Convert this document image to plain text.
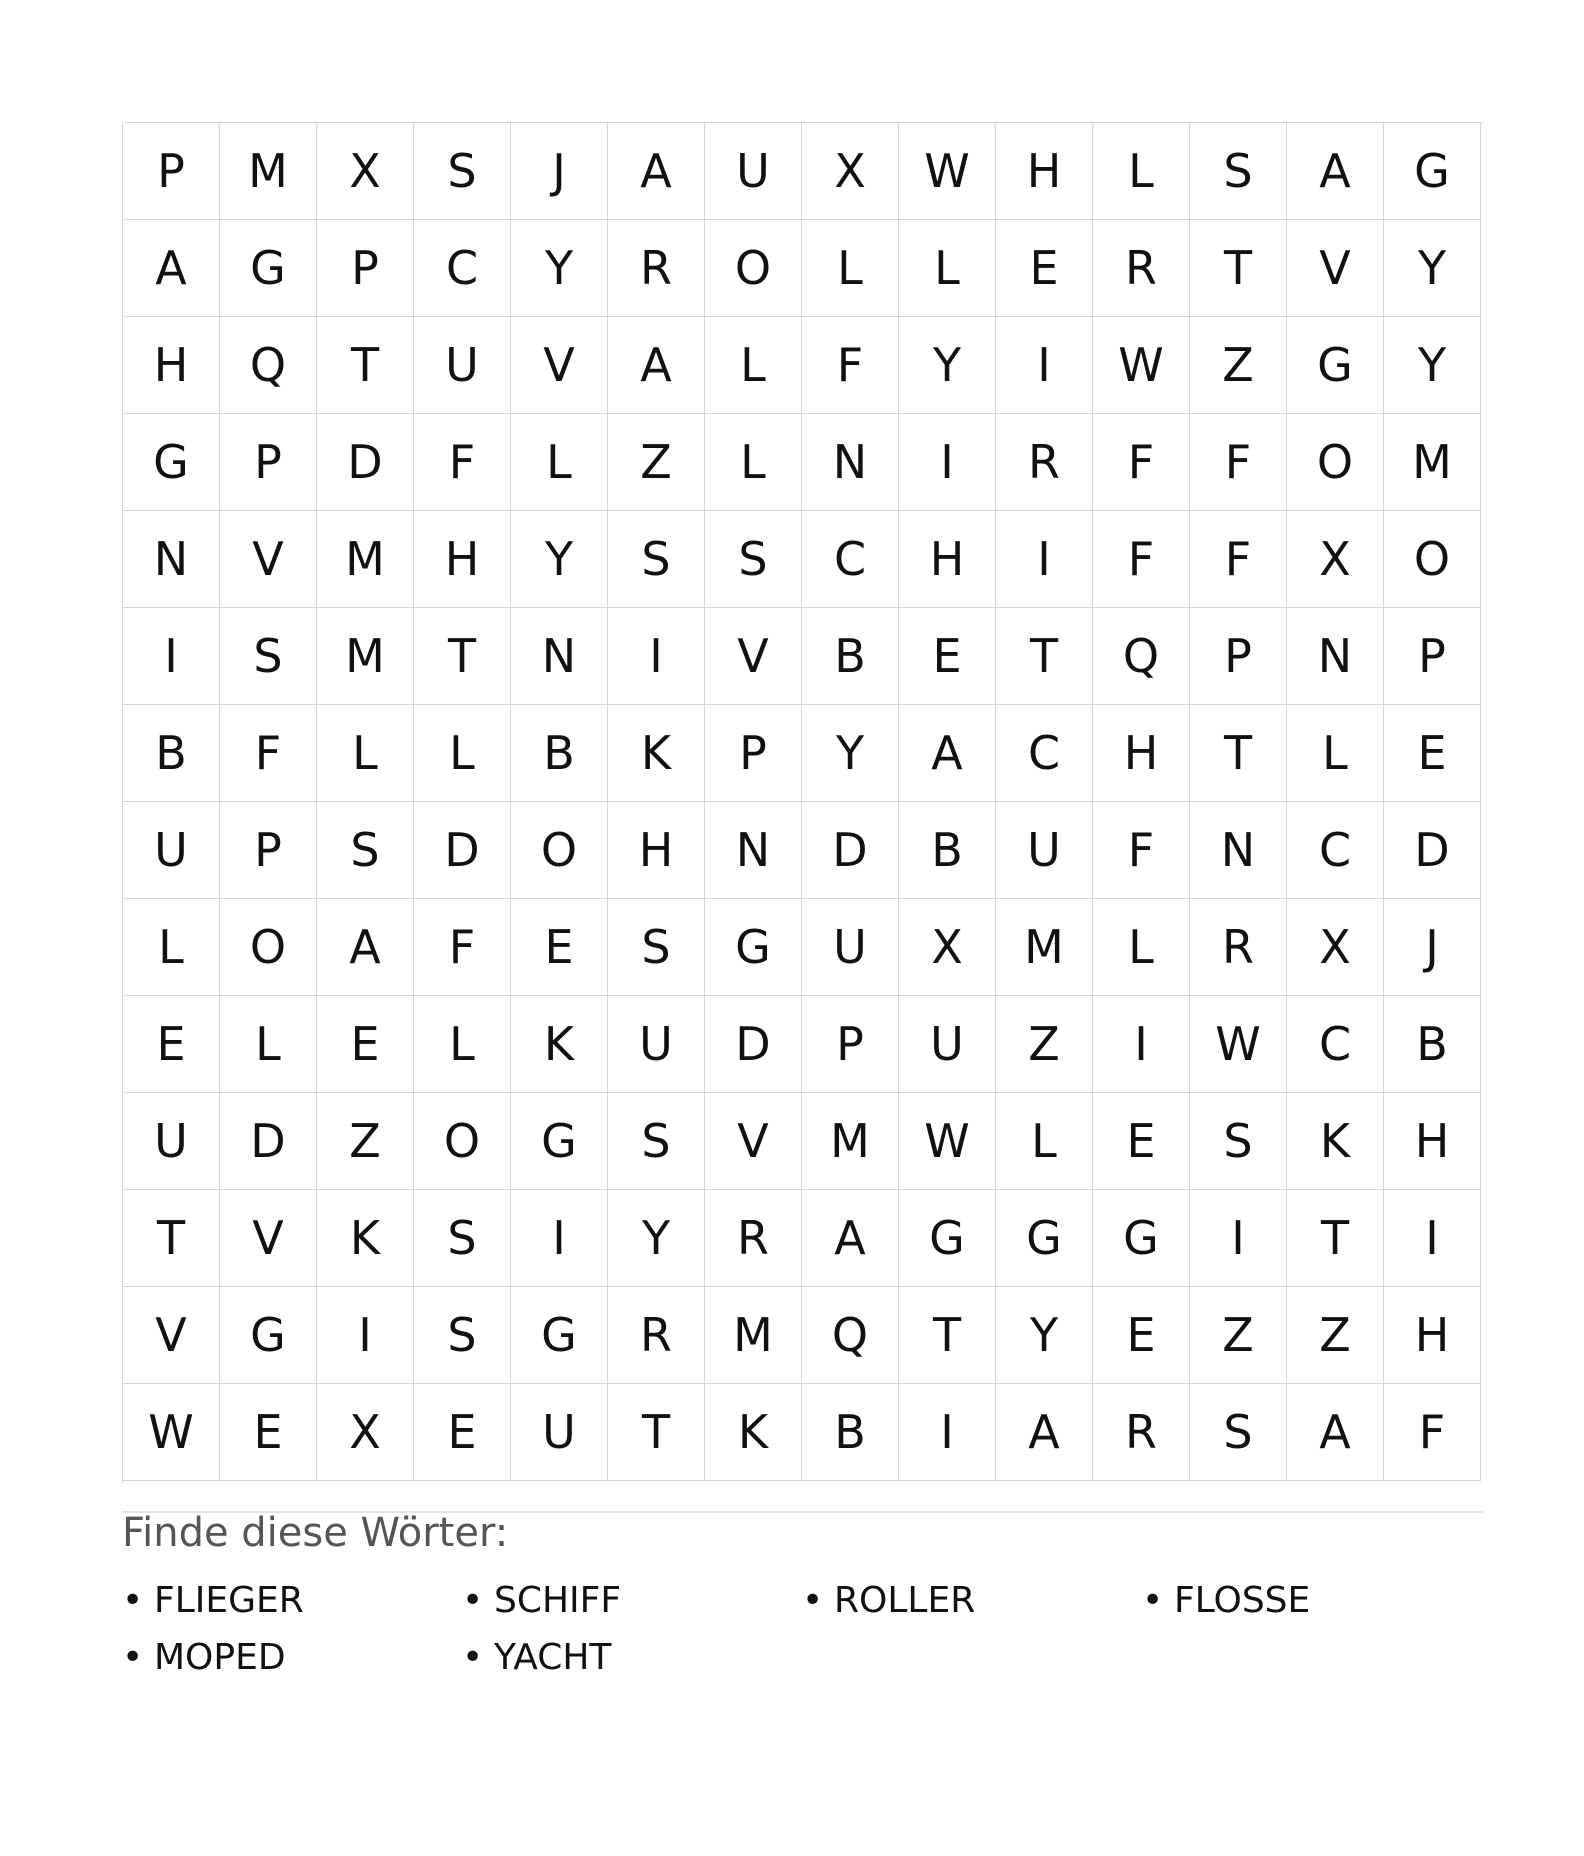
P	M	X	S	J	A	U	X	W	H	L	S	A	G
A	G	P	C	Y	R	O	L	L	E	R	T	V	Y
H	Q	T	U	V	A	L	F	Y	I	W	Z	G	Y
G	P	D	F	L	Z	L	N	I	R	F	F	O	M
N	V	M	H	Y	S	S	C	H	I	F	F	X	O
I	S	M	T	N	I	V	B	E	T	Q	P	N	P
B	F	L	L	B	K	P	Y	A	C	H	T	L	E
U	P	S	D	O	H	N	D	B	U	F	N	C	D
L	O	A	F	E	S	G	U	X	M	L	R	X	J
E	L	E	L	K	U	D	P	U	Z	I	W	C	B
U	D	Z	O	G	S	V	M	W	L	E	S	K	H
T	V	K	S	I	Y	R	A	G	G	G	I	T	I
V	G	I	S	G	R	M	Q	T	Y	E	Z	Z	H
W	E	X	E	U	T	K	B	I	A	R	S	A	F
Finde diese Wörter:
• FLIEGER	• SCHIFF	• ROLLER	• FLOSSE
• MOPED	• YACHT
